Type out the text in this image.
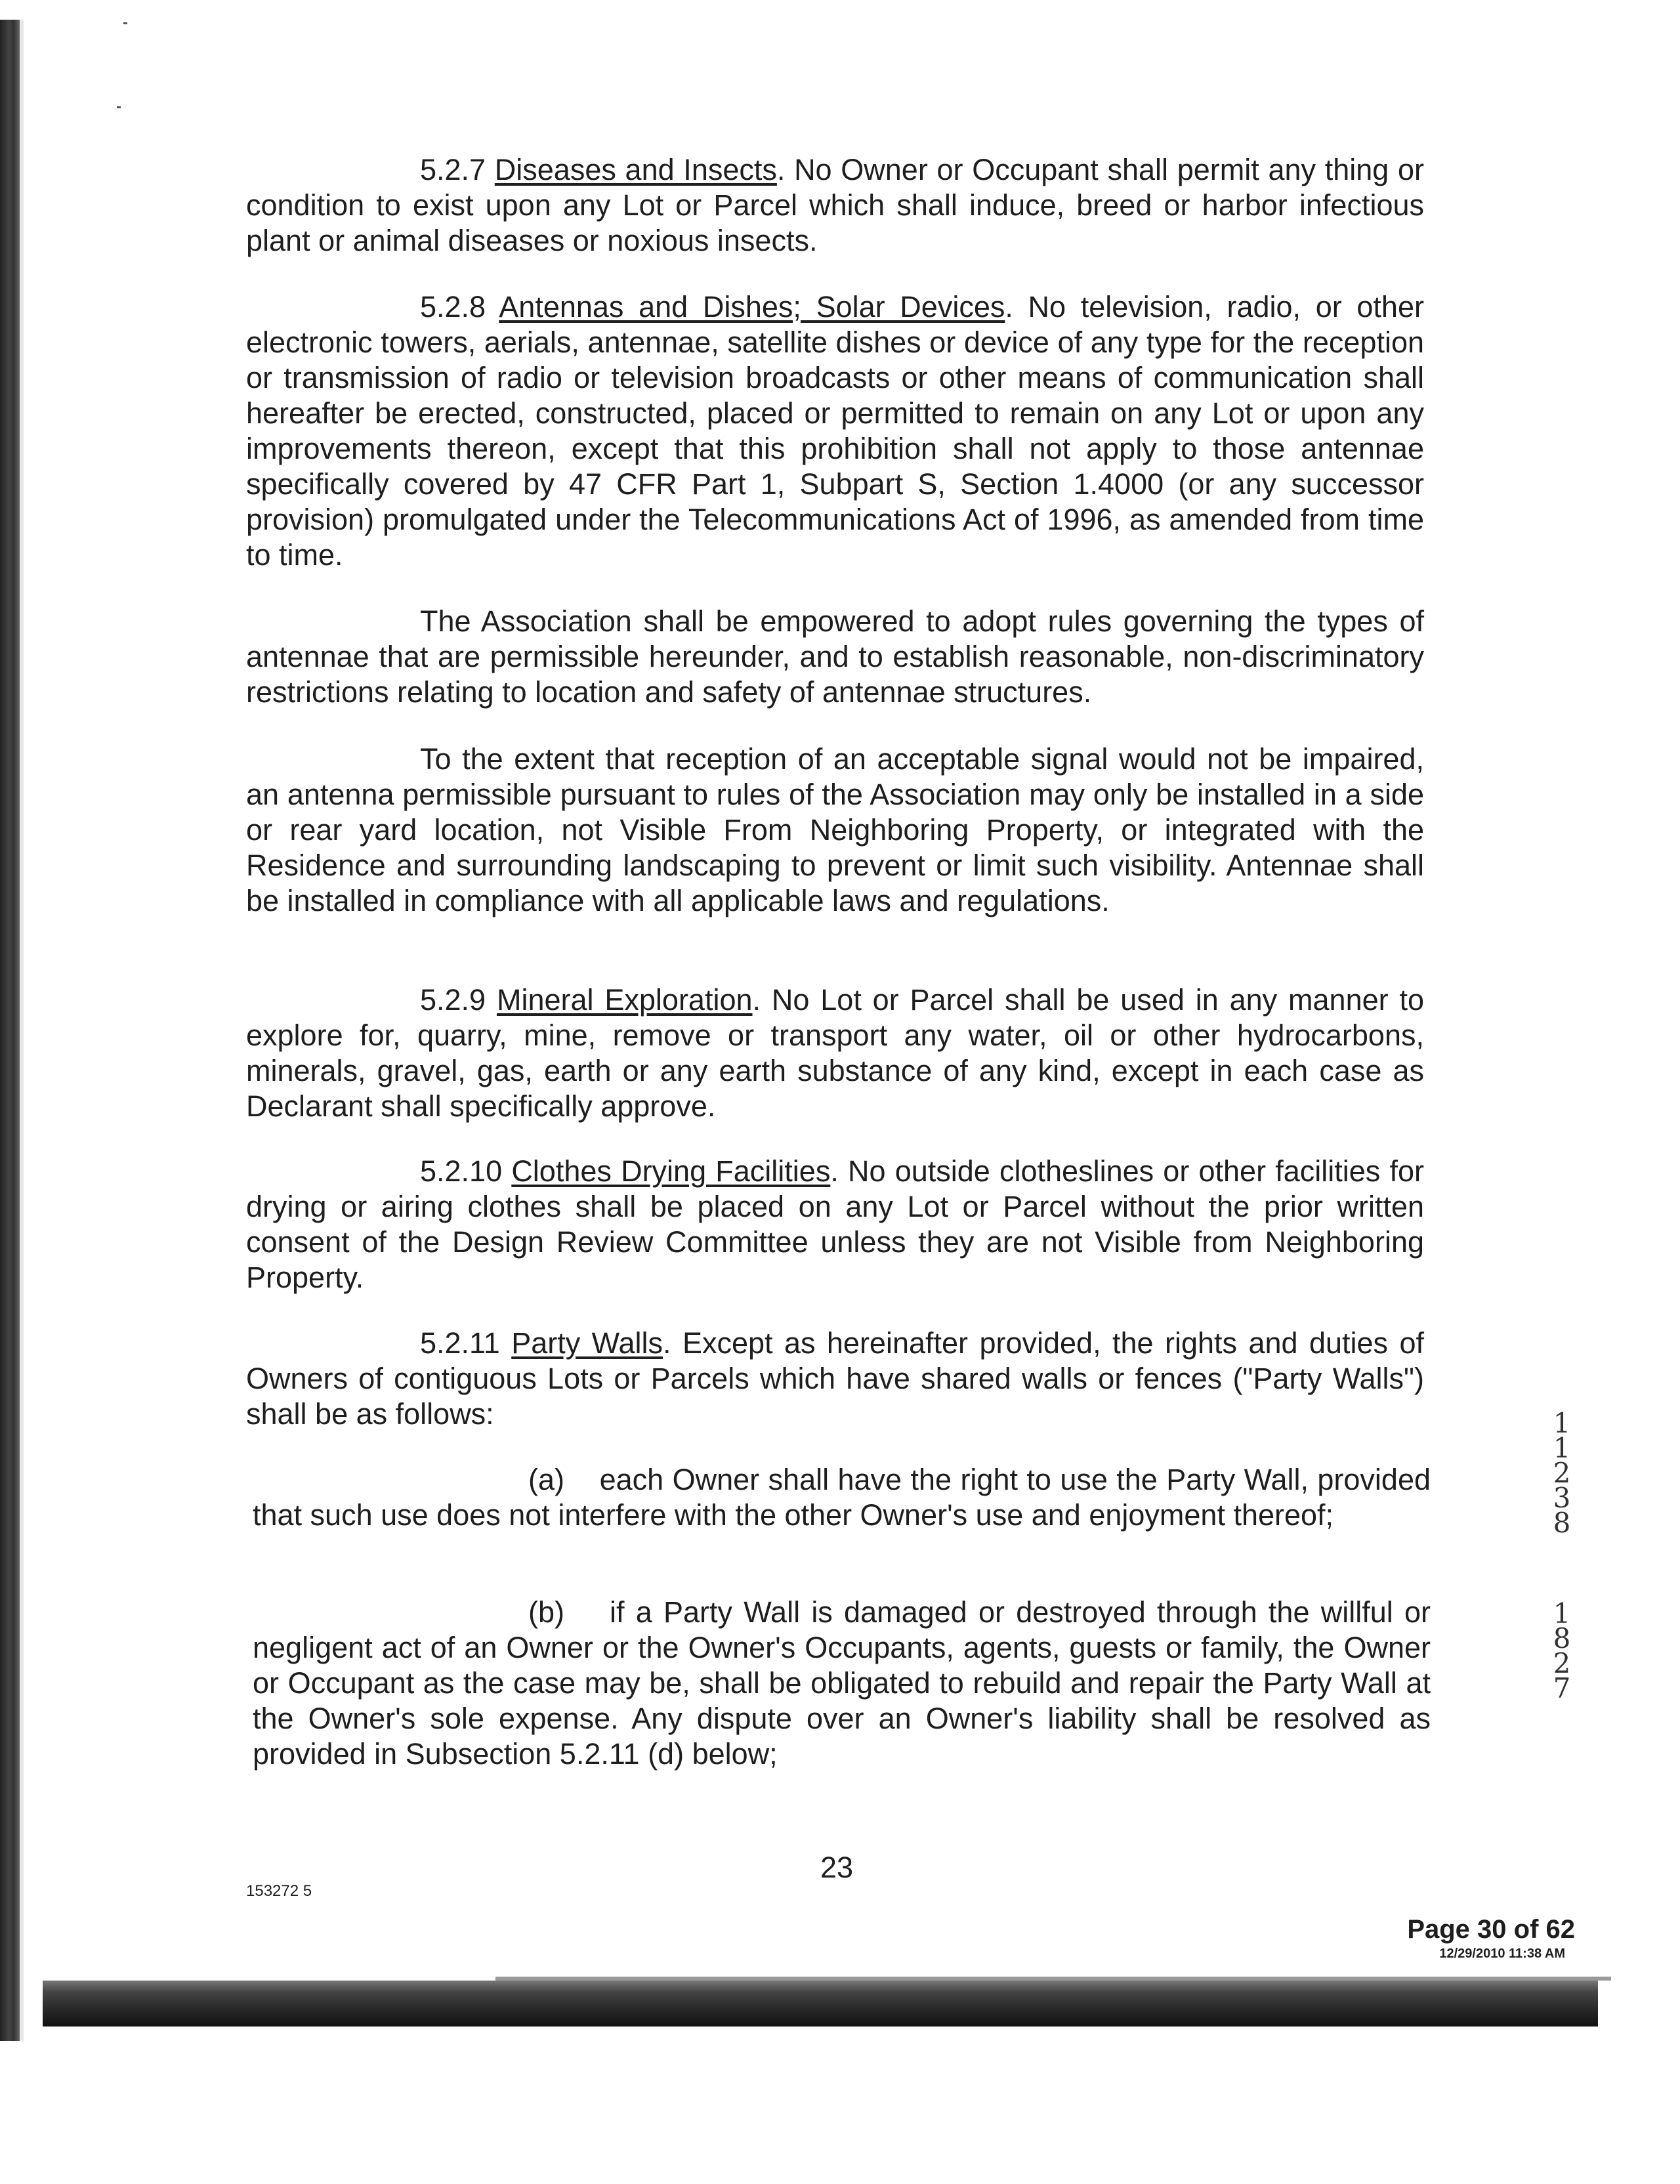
5.2.7 Diseases and Insects. No Owner or Occupant shall permit any thing or condition to exist upon any Lot or Parcel which shall induce, breed or harbor infectious plant or animal diseases or noxious insects.

5.2.8 Antennas and Dishes; Solar Devices. No television, radio, or other electronic towers, aerials, antennae, satellite dishes or device of any type for the reception or transmission of radio or television broadcasts or other means of communication shall hereafter be erected, constructed, placed or permitted to remain on any Lot or upon any improvements thereon, except that this prohibition shall not apply to those antennae specifically covered by 47 CFR Part 1, Subpart S, Section 1.4000 (or any successor provision) promulgated under the Telecommunications Act of 1996, as amended from time to time.

The Association shall be empowered to adopt rules governing the types of antennae that are permissible hereunder, and to establish reasonable, non-discriminatory restrictions relating to location and safety of antennae structures.

To the extent that reception of an acceptable signal would not be impaired, an antenna permissible pursuant to rules of the Association may only be installed in a side or rear yard location, not Visible From Neighboring Property, or integrated with the Residence and surrounding landscaping to prevent or limit such visibility. Antennae shall be installed in compliance with all applicable laws and regulations.

5.2.9 Mineral Exploration. No Lot or Parcel shall be used in any manner to explore for, quarry, mine, remove or transport any water, oil or other hydrocarbons, minerals, gravel, gas, earth or any earth substance of any kind, except in each case as Declarant shall specifically approve.

5.2.10 Clothes Drying Facilities. No outside clotheslines or other facilities for drying or airing clothes shall be placed on any Lot or Parcel without the prior written consent of the Design Review Committee unless they are not Visible from Neighboring Property.

5.2.11 Party Walls. Except as hereinafter provided, the rights and duties of Owners of contiguous Lots or Parcels which have shared walls or fences ("Party Walls") shall be as follows:

(a) each Owner shall have the right to use the Party Wall, provided that such use does not interfere with the other Owner's use and enjoyment thereof;

(b) if a Party Wall is damaged or destroyed through the willful or negligent act of an Owner or the Owner's Occupants, agents, guests or family, the Owner or Occupant as the case may be, shall be obligated to rebuild and repair the Party Wall at the Owner's sole expense. Any dispute over an Owner's liability shall be resolved as provided in Subsection 5.2.11 (d) below;

1
1
2
3
8
1
8
2
7
23
153272 5
Page 30 of 62
12/29/2010 11:38 AM
